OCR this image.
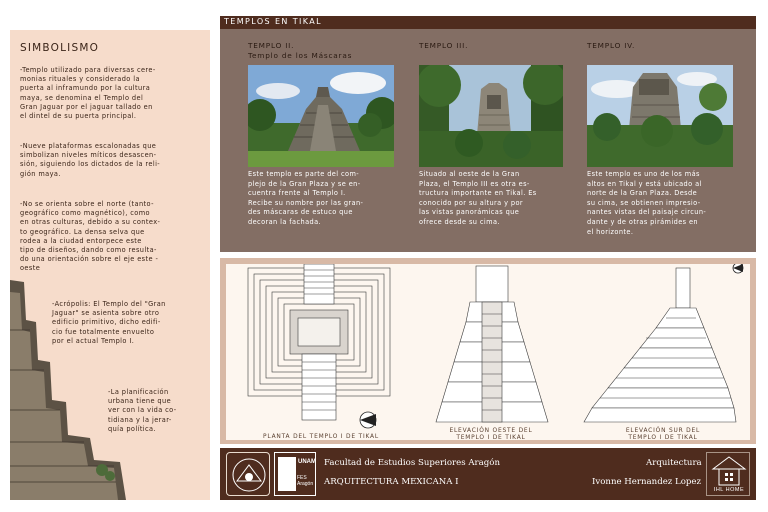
SIMBOLISMO
-Templo utilizado para diversas cere-
monias rituales y considerado la
puerta al inframundo por la cultura
maya, se denomina el Templo del
Gran Jaguar por el jaguar tallado en
el dintel de su puerta principal.
-Nueve plataformas escalonadas que
simbolizan niveles míticos desascen-
sión, siguiendo los dictados de la reli-
gión maya.
-No se orienta sobre el norte (tanto-
geográfico como magnético), como
en otras culturas, debido a su contex-
to geográfico. La densa selva que
rodea a la ciudad entorpece este
tipo de diseños, dando como resulta-
do una orientación sobre el eje este -
oeste
-Acrópolis: El Templo del "Gran
Jaguar" se asienta sobre otro
edificio primitivo, dicho edifi-
cio fue totalmente envuelto
por el actual Templo I.
-La planificación
urbana tiene que
ver con la vida co-
tidiana y la jerar-
quía política.
TEMPLOS EN TIKAL
TEMPLO II.
Templo de los Máscaras
Este templo es parte del com-
plejo de la Gran Plaza y se en-
cuentra frente al Templo I.
Recibe su nombre por las gran-
des máscaras de estuco que
decoran la fachada.
TEMPLO III.
Situado al oeste de la Gran
Plaza, el Templo III es otra es-
tructura importante en Tikal. Es
conocido por su altura y por
las vistas panorámicas que
ofrece desde su cima.
TEMPLO IV.
Este templo es uno de los más
altos en Tikal y está ubicado al
norte de la Gran Plaza. Desde
su cima, se obtienen impresio-
nantes vistas del paisaje circun-
dante y de otras pirámides en
el horizonte.
PLANTA DEL TEMPLO I DE TIKAL
ELEVACIÓN OESTE DEL
TEMPLO I DE TIKAL
ELEVACIÓN SUR DEL
TEMPLO I DE TIKAL
UNAM
FES Aragón
Facultad de Estudios Superiores Aragón
ARQUITECTURA MEXICANA I
Arquitectura
Ivonne Hernandez Lopez
IHL HOME
